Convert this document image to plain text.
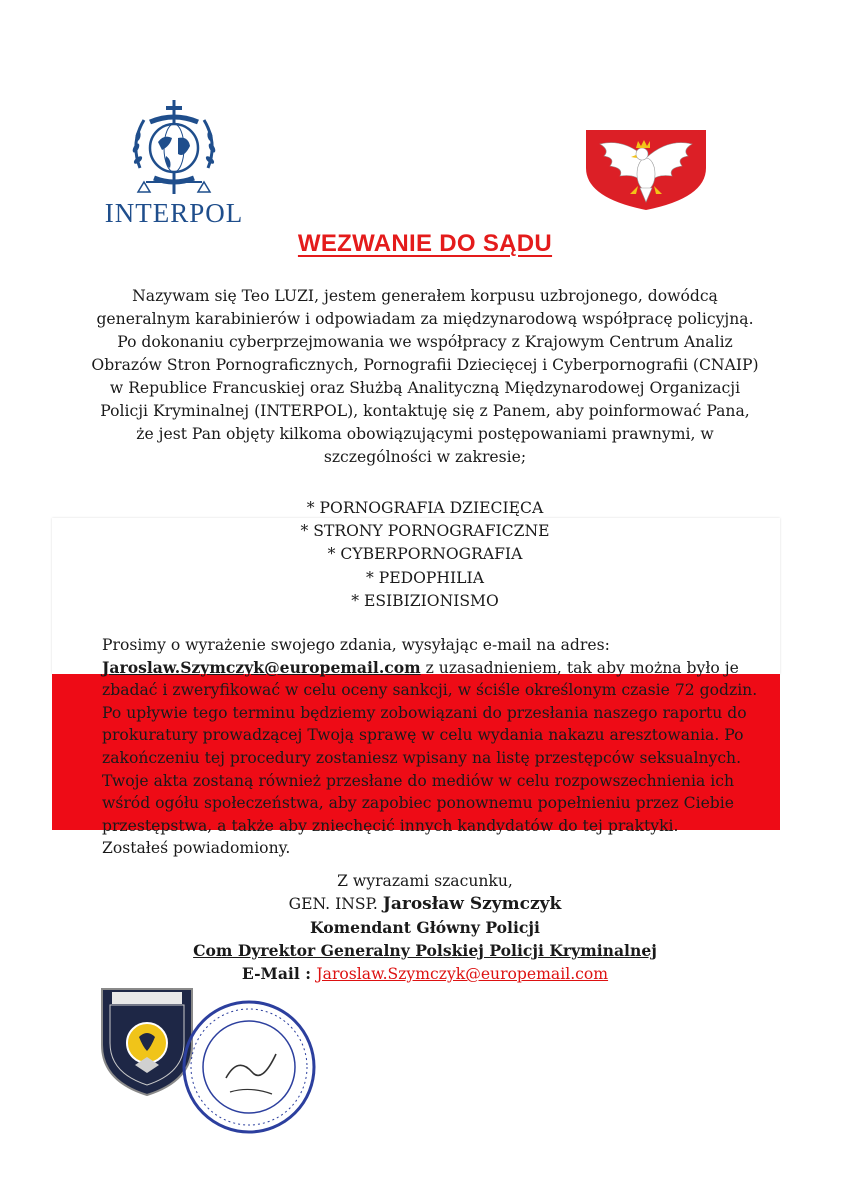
INTERPOL
WEZWANIE DO SĄDU
Nazywam się Teo LUZI, jestem generałem korpusu uzbrojonego, dowódcą
generalnym karabinierów i odpowiadam za międzynarodową współpracę policyjną.
Po dokonaniu cyberprzejmowania we współpracy z Krajowym Centrum Analiz
Obrazów Stron Pornograficznych, Pornografii Dziecięcej i Cyberpornografii (CNAIP)
w Republice Francuskiej oraz Służbą Analityczną Międzynarodowej Organizacji
Policji Kryminalnej (INTERPOL), kontaktuję się z Panem, aby poinformować Pana,
że jest Pan objęty kilkoma obowiązującymi postępowaniami prawnymi, w
szczególności w zakresie;
* PORNOGRAFIA DZIECIĘCA
* STRONY PORNOGRAFICZNE
* CYBERPORNOGRAFIA
* PEDOPHILIA
* ESIBIZIONISMO
Prosimy o wyrażenie swojego zdania, wysyłając e-mail na adres:
Jaroslaw.Szymczyk@europemail.com z uzasadnieniem, tak aby można było je
zbadać i zweryfikować w celu oceny sankcji, w ściśle określonym czasie 72 godzin.
Po upływie tego terminu będziemy zobowiązani do przesłania naszego raportu do
prokuratury prowadzącej Twoją sprawę w celu wydania nakazu aresztowania. Po
zakończeniu tej procedury zostaniesz wpisany na listę przestępców seksualnych.
Twoje akta zostaną również przesłane do mediów w celu rozpowszechnienia ich
wśród ogółu społeczeństwa, aby zapobiec ponownemu popełnieniu przez Ciebie
przestępstwa, a także aby zniechęcić innych kandydatów do tej praktyki.
Zostałeś powiadomiony.
Z wyrazami szacunku,
GEN. INSP. Jarosław Szymczyk
Komendant Główny Policji
Com Dyrektor Generalny Polskiej Policji Kryminalnej
E-Mail : Jaroslaw.Szymczyk@europemail.com
